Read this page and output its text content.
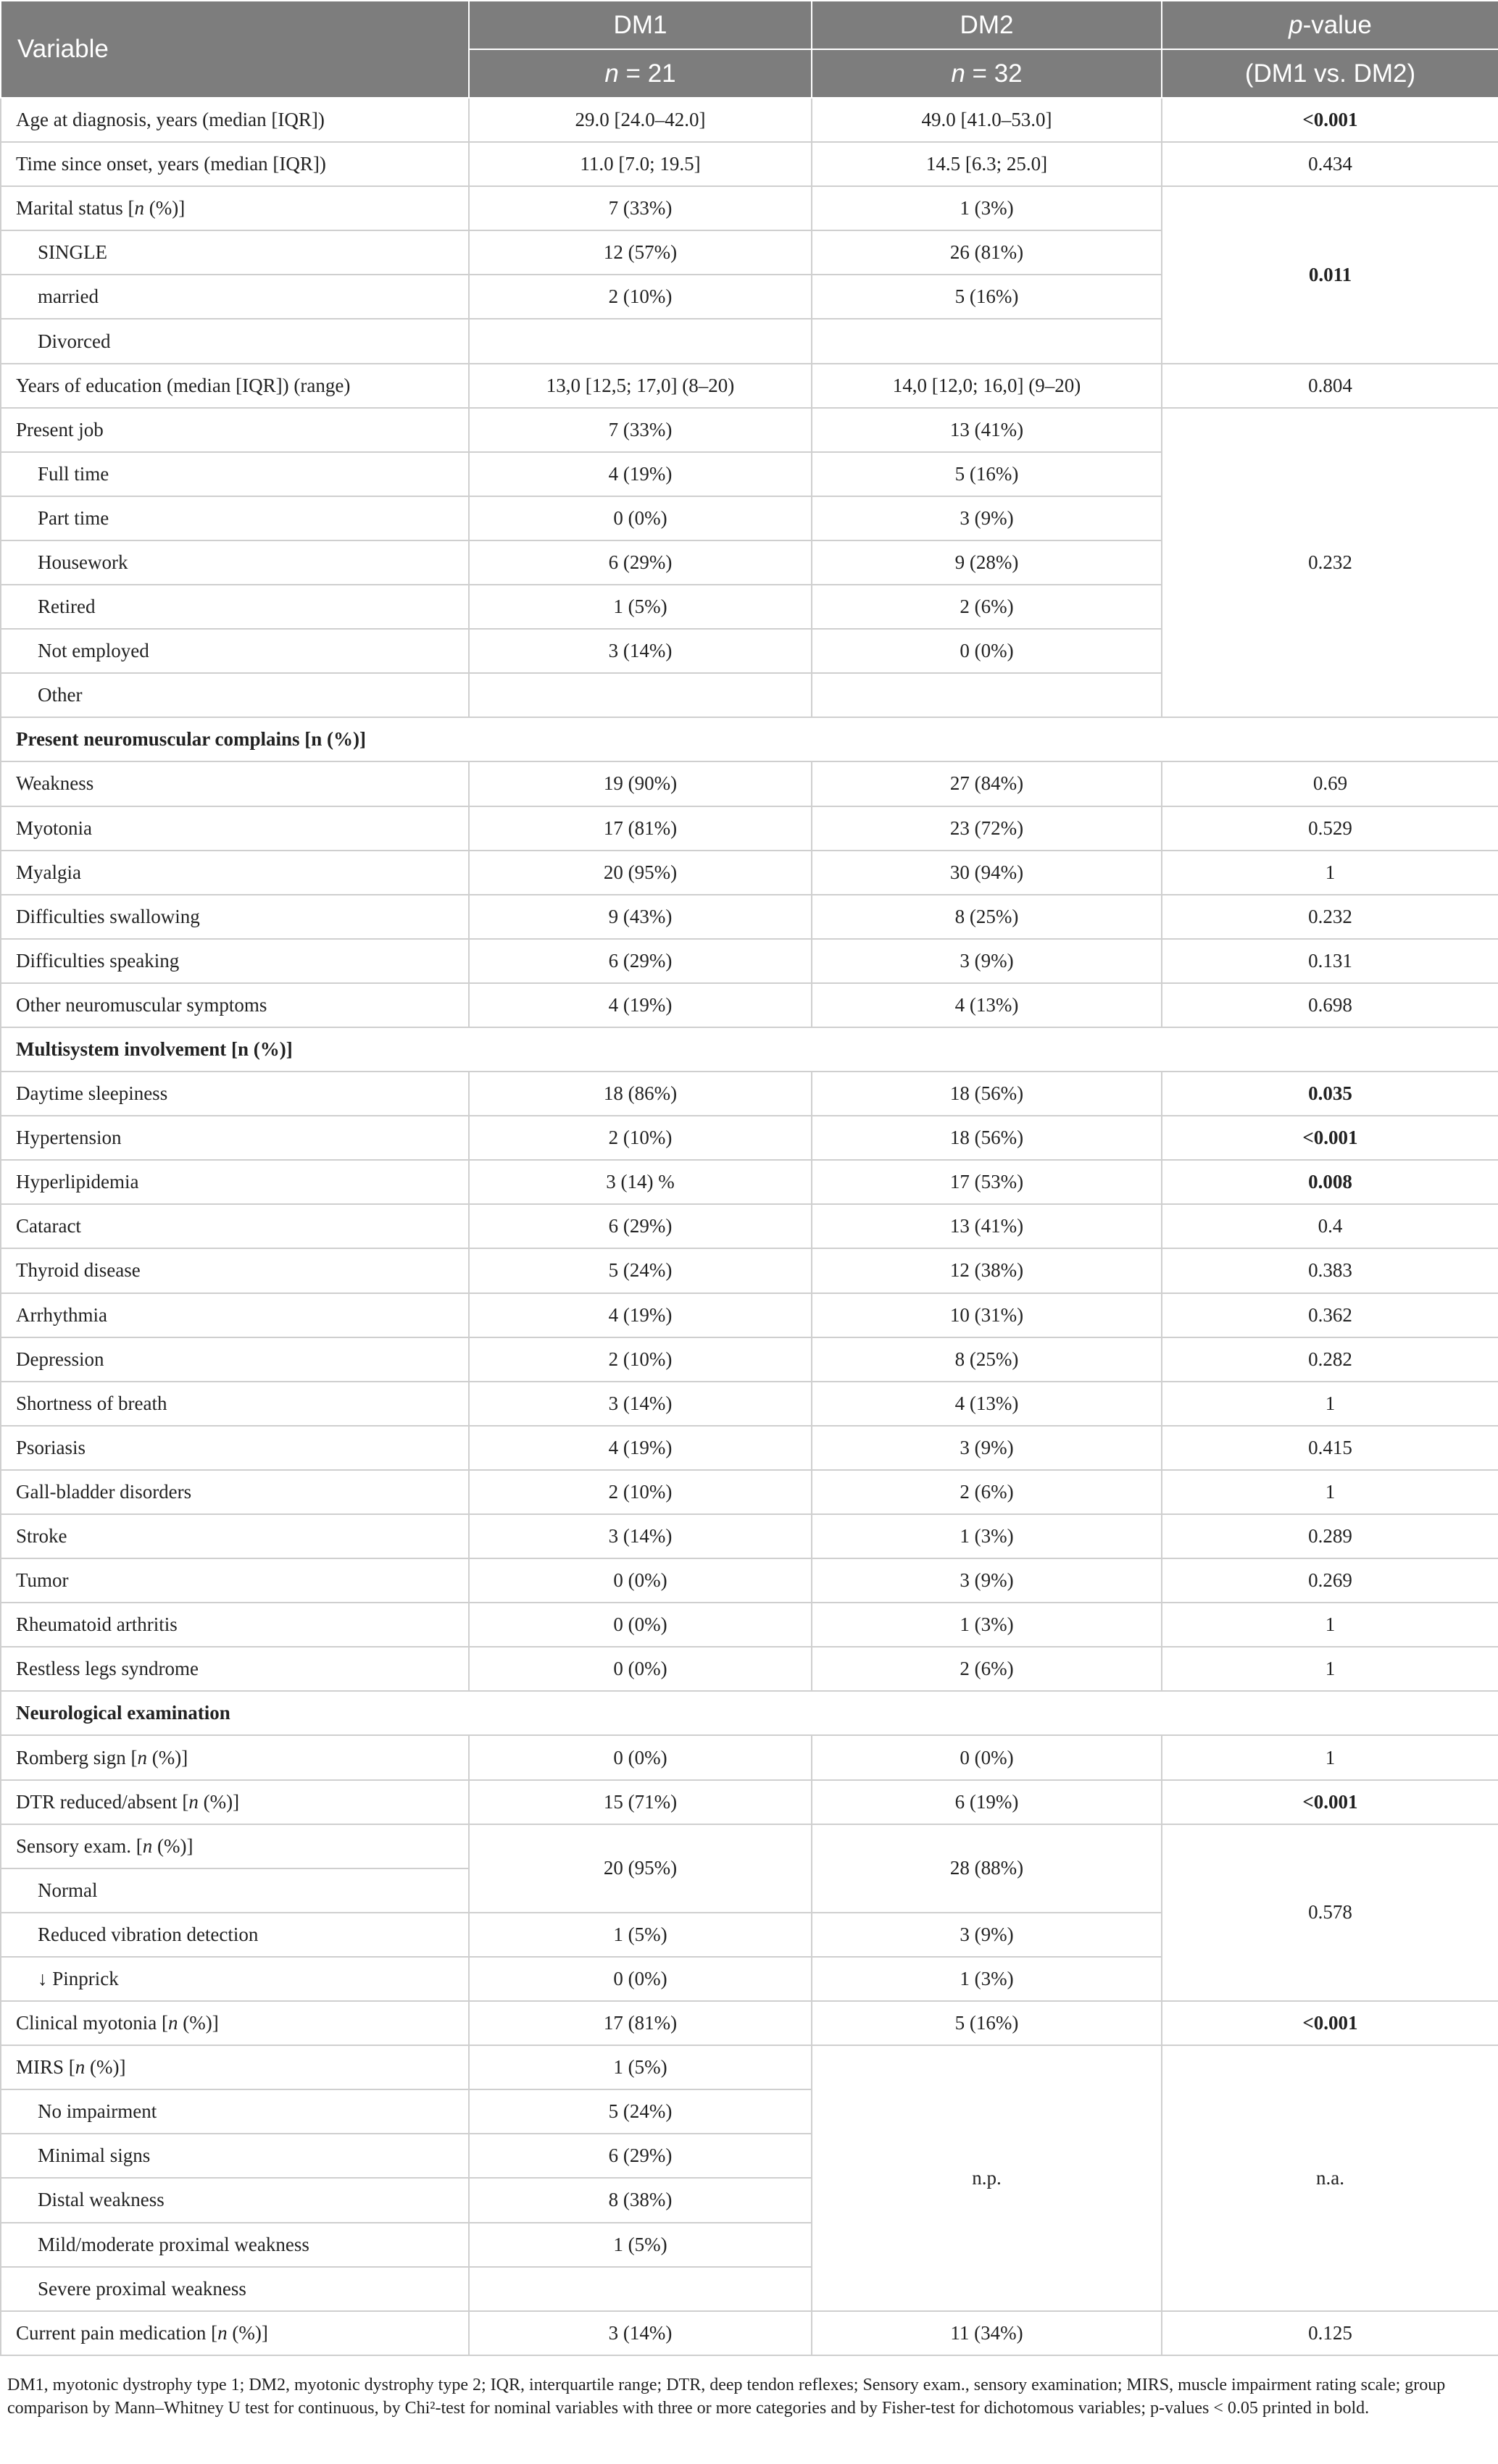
Variable	DM1	DM2	p-value
	n = 21	n = 32	(DM1 vs. DM2)
Age at diagnosis, years (median [IQR])	29.0 [24.0–42.0]	49.0 [41.0–53.0]	<0.001
Time since onset, years (median [IQR])	11.0 [7.0; 19.5]	14.5 [6.3; 25.0]	0.434
Marital status [n (%)]	7 (33%)	1 (3%)	0.011
SINGLE	12 (57%)	26 (81%)	
married	2 (10%)	5 (16%)	
Divorced			
Years of education (median [IQR]) (range)	13,0 [12,5; 17,0] (8–20)	14,0 [12,0; 16,0] (9–20)	0.804
Present job	7 (33%)	13 (41%)	0.232
Full time	4 (19%)	5 (16%)	
Part time	0 (0%)	3 (9%)	
Housework	6 (29%)	9 (28%)	
Retired	1 (5%)	2 (6%)	
Not employed	3 (14%)	0 (0%)	
Other			
Present neuromuscular complains [n (%)]			
Weakness	19 (90%)	27 (84%)	0.69
Myotonia	17 (81%)	23 (72%)	0.529
Myalgia	20 (95%)	30 (94%)	1
Difficulties swallowing	9 (43%)	8 (25%)	0.232
Difficulties speaking	6 (29%)	3 (9%)	0.131
Other neuromuscular symptoms	4 (19%)	4 (13%)	0.698
Multisystem involvement [n (%)]			
Daytime sleepiness	18 (86%)	18 (56%)	0.035
Hypertension	2 (10%)	18 (56%)	<0.001
Hyperlipidemia	3 (14) %	17 (53%)	0.008
Cataract	6 (29%)	13 (41%)	0.4
Thyroid disease	5 (24%)	12 (38%)	0.383
Arrhythmia	4 (19%)	10 (31%)	0.362
Depression	2 (10%)	8 (25%)	0.282
Shortness of breath	3 (14%)	4 (13%)	1
Psoriasis	4 (19%)	3 (9%)	0.415
Gall-bladder disorders	2 (10%)	2 (6%)	1
Stroke	3 (14%)	1 (3%)	0.289
Tumor	0 (0%)	3 (9%)	0.269
Rheumatoid arthritis	0 (0%)	1 (3%)	1
Restless legs syndrome	0 (0%)	2 (6%)	1
Neurological examination			
Romberg sign [n (%)]	0 (0%)	0 (0%)	1
DTR reduced/absent [n (%)]	15 (71%)	6 (19%)	<0.001
Sensory exam. [n (%)]	20 (95%)	28 (88%)	0.578
Normal			
Reduced vibration detection	1 (5%)	3 (9%)	
↓ Pinprick	0 (0%)	1 (3%)	
Clinical myotonia [n (%)]	17 (81%)	5 (16%)	<0.001
MIRS [n (%)]	1 (5%)	n.p.	n.a.
No impairment	5 (24%)		
Minimal signs	6 (29%)		
Distal weakness	8 (38%)		
Mild/moderate proximal weakness	1 (5%)		
Severe proximal weakness			
Current pain medication [n (%)]	3 (14%)	11 (34%)	0.125
DM1, myotonic dystrophy type 1; DM2, myotonic dystrophy type 2; IQR, interquartile range; DTR, deep tendon reflexes; Sensory exam., sensory examination; MIRS, muscle impairment rating scale; group comparison by Mann–Whitney U test for continuous, by Chi²-test for nominal variables with three or more categories and by Fisher-test for dichotomous variables; p-values < 0.05 printed in bold.
